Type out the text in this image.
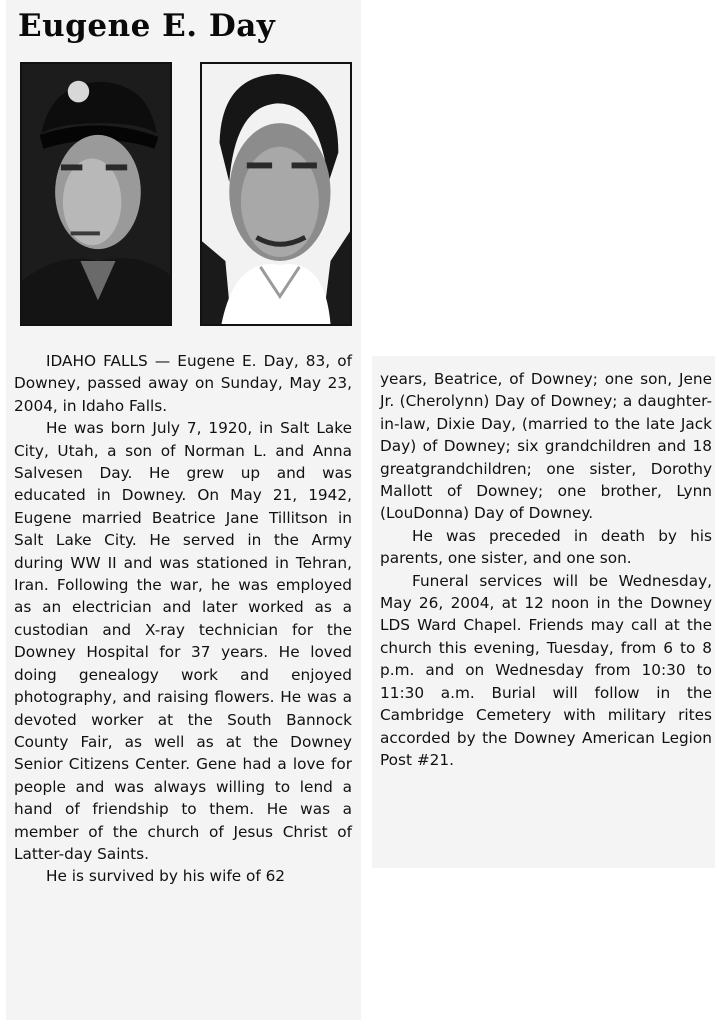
Eugene E. Day

IDAHO FALLS — Eugene E. Day, 83, of Downey, passed away on Sunday, May 23, 2004, in Idaho Falls.

He was born July 7, 1920, in Salt Lake City, Utah, a son of Norman L. and Anna Salvesen Day. He grew up and was educated in Downey. On May 21, 1942, Eugene married Beatrice Jane Tillitson in Salt Lake City. He served in the Army during WW II and was stationed in Tehran, Iran. Following the war, he was employed as an electrician and later worked as a custodian and X-ray technician for the Downey Hospital for 37 years. He loved doing genealogy work and enjoyed photography, and raising flowers. He was a devoted worker at the South Bannock County Fair, as well as at the Downey Senior Citizens Center. Gene had a love for people and was always willing to lend a hand of friendship to them. He was a member of the church of Jesus Christ of Latter-day Saints.

He is survived by his wife of 62

years, Beatrice, of Downey; one son, Jene Jr. (Cherolynn) Day of Downey; a daughter-in-law, Dixie Day, (married to the late Jack Day) of Downey; six grandchildren and 18 greatgrandchildren; one sister, Dorothy Mallott of Downey; one brother, Lynn (LouDonna) Day of Downey.

He was preceded in death by his parents, one sister, and one son.

Funeral services will be Wednesday, May 26, 2004, at 12 noon in the Downey LDS Ward Chapel. Friends may call at the church this evening, Tuesday, from 6 to 8 p.m. and on Wednesday from 10:30 to 11:30 a.m. Burial will follow in the Cambridge Cemetery with military rites accorded by the Downey American Legion Post #21.
